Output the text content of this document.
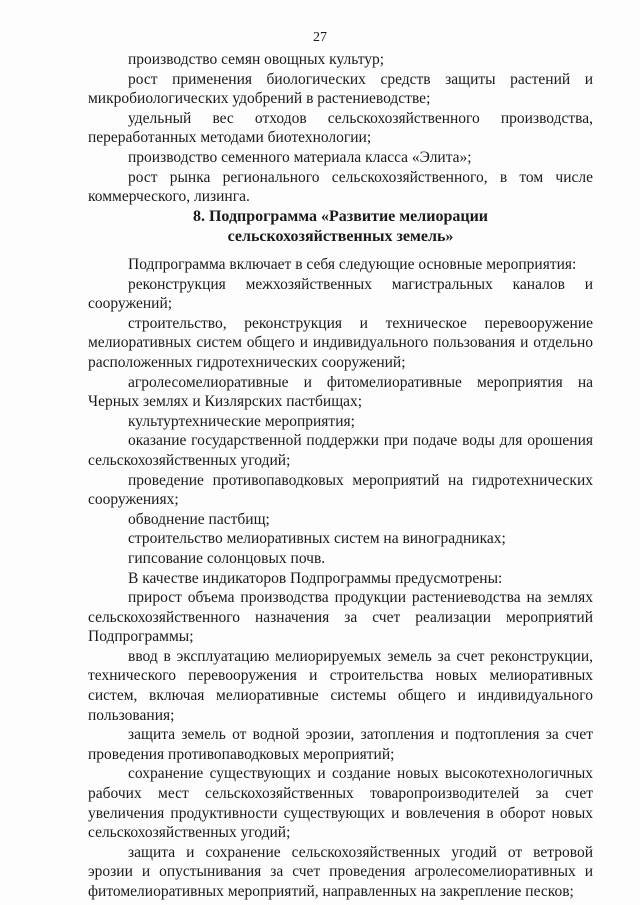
27

производство семян овощных культур;

рост применения биологических средств защиты растений и микробиологических удобрений в растениеводстве;

удельный вес отходов сельскохозяйственного производства, переработанных методами биотехнологии;

производство семенного материала класса «Элита»;

рост рынка регионального сельскохозяйственного, в том числе коммерческого, лизинга.

8. Подпрограмма «Развитие мелиорации
сельскохозяйственных земель»

Подпрограмма включает в себя следующие основные мероприятия:

реконструкция межхозяйственных магистральных каналов и сооружений;

строительство, реконструкция и техническое перевооружение мелиоративных систем общего и индивидуального пользования и отдельно расположенных гидротехнических сооружений;

агролесомелиоративные и фитомелиоративные мероприятия на Черных землях и Кизлярских пастбищах;

культуртехнические мероприятия;

оказание государственной поддержки при подаче воды для орошения сельскохозяйственных угодий;

проведение противопаводковых мероприятий на гидротехнических сооружениях;

обводнение пастбищ;

строительство мелиоративных систем на виноградниках;

гипсование солонцовых почв.

В качестве индикаторов Подпрограммы предусмотрены:

прирост объема производства продукции растениеводства на землях сельскохозяйственного назначения за счет реализации мероприятий Подпрограммы;

ввод в эксплуатацию мелиорируемых земель за счет реконструкции, технического перевооружения и строительства новых мелиоративных систем, включая мелиоративные системы общего и индивидуального пользования;

защита земель от водной эрозии, затопления и подтопления за счет проведения противопаводковых мероприятий;

сохранение существующих и создание новых высокотехнологичных рабочих мест сельскохозяйственных товаропроизводителей за счет увеличения продуктивности существующих и вовлечения в оборот новых сельскохозяйственных угодий;

защита и сохранение сельскохозяйственных угодий от ветровой эрозии и опустынивания за счет проведения агролесомелиоративных и фитомелиоративных мероприятий, направленных на закрепление песков;
